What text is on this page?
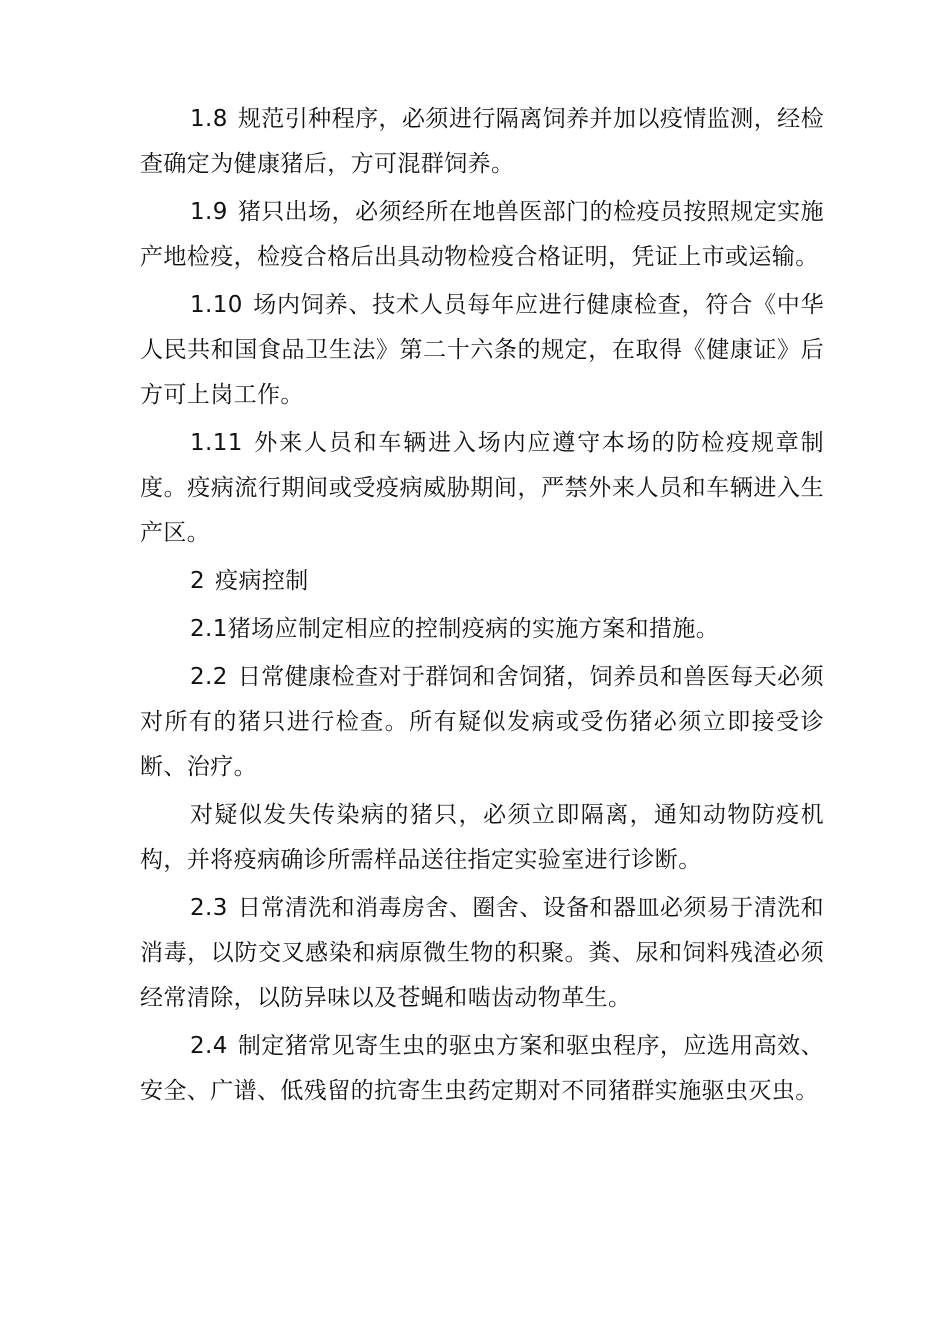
1.8 规范引种程序，必须进行隔离饲养并加以疫情监测，经检查确定为健康猪后，方可混群饲养。

1.9 猪只出场，必须经所在地兽医部门的检疫员按照规定实施产地检疫，检疫合格后出具动物检疫合格证明，凭证上市或运输。

1.10 场内饲养、技术人员每年应进行健康检查，符合《中华人民共和国食品卫生法》第二十六条的规定，在取得《健康证》后方可上岗工作。

1.11 外来人员和车辆进入场内应遵守本场的防检疫规章制度。疫病流行期间或受疫病威胁期间，严禁外来人员和车辆进入生产区。

2 疫病控制

2.1猪场应制定相应的控制疫病的实施方案和措施。

2.2 日常健康检查对于群饲和舍饲猪，饲养员和兽医每天必须对所有的猪只进行检查。所有疑似发病或受伤猪必须立即接受诊断、治疗。

对疑似发失传染病的猪只，必须立即隔离，通知动物防疫机构，并将疫病确诊所需样品送往指定实验室进行诊断。

2.3 日常清洗和消毒房舍、圈舍、设备和器皿必须易于清洗和消毒，以防交叉感染和病原微生物的积聚。粪、尿和饲料残渣必须经常清除，以防异味以及苍蝇和啮齿动物革生。

2.4 制定猪常见寄生虫的驱虫方案和驱虫程序，应选用高效、安全、广谱、低残留的抗寄生虫药定期对不同猪群实施驱虫灭虫。
